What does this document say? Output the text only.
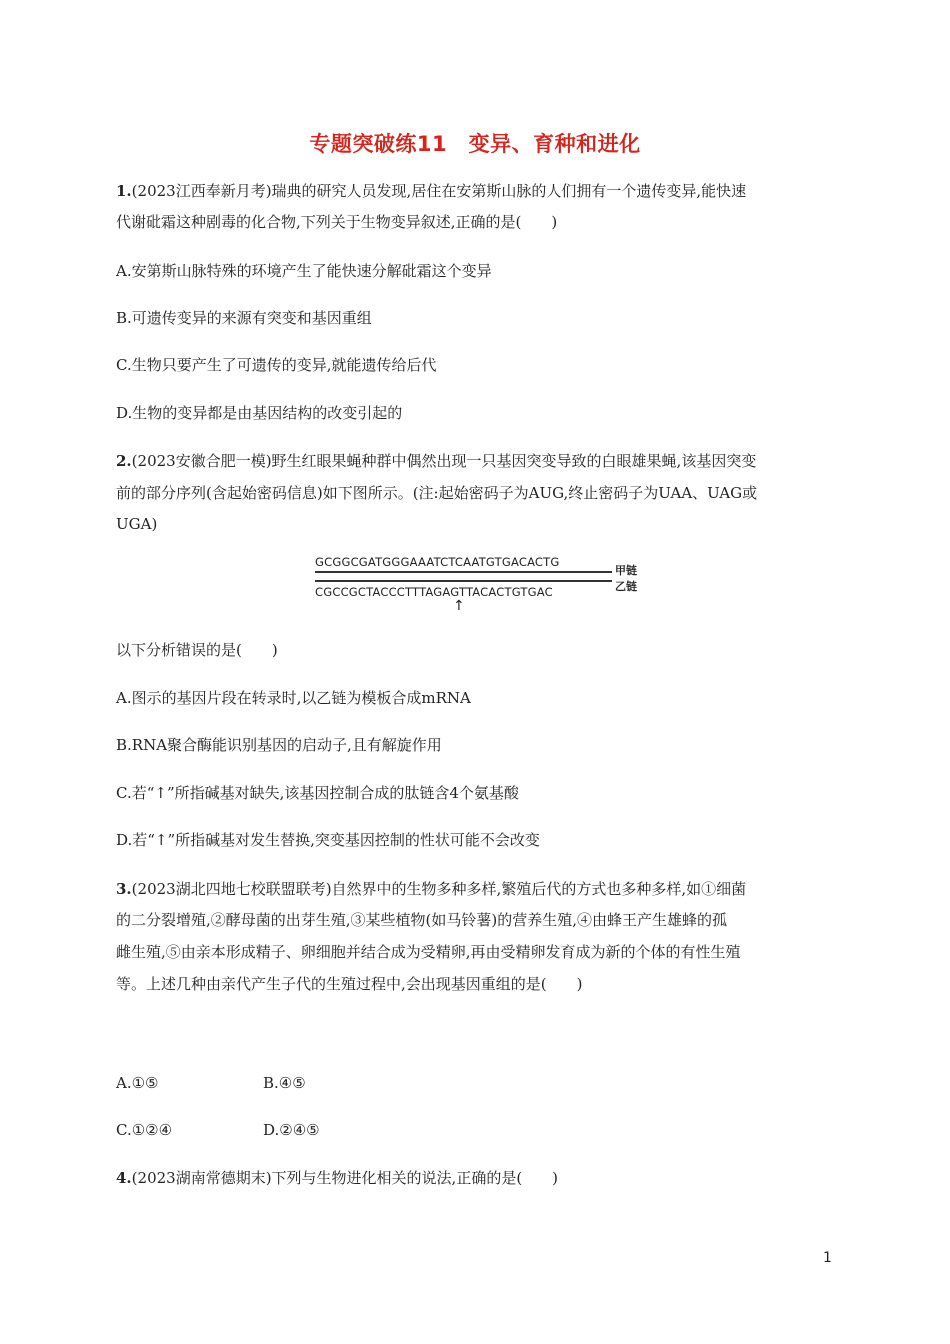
专题突破练11　变异、育种和进化
1.(2023江西奉新月考)瑞典的研究人员发现,居住在安第斯山脉的人们拥有一个遗传变异,能快速
代谢砒霜这种剧毒的化合物,下列关于生物变异叙述,正确的是(　　)
A.安第斯山脉特殊的环境产生了能快速分解砒霜这个变异
B.可遗传变异的来源有突变和基因重组
C.生物只要产生了可遗传的变异,就能遗传给后代
D.生物的变异都是由基因结构的改变引起的
2.(2023安徽合肥一模)野生红眼果蝇种群中偶然出现一只基因突变导致的白眼雄果蝇,该基因突变
前的部分序列(含起始密码信息)如下图所示。(注:起始密码子为AUG,终止密码子为UAA、UAG或
UGA)
GCGGCGATGGGAAATCTCAATGTGACACTG
CGCCGCTACCCTTTAGAGTTACACTGTGAC
甲链
乙链
↑
以下分析错误的是(　　)
A.图示的基因片段在转录时,以乙链为模板合成mRNA
B.RNA聚合酶能识别基因的启动子,且有解旋作用
C.若“↑”所指碱基对缺失,该基因控制合成的肽链含4个氨基酸
D.若“↑”所指碱基对发生替换,突变基因控制的性状可能不会改变
3.(2023湖北四地七校联盟联考)自然界中的生物多种多样,繁殖后代的方式也多种多样,如①细菌
的二分裂增殖,②酵母菌的出芽生殖,③某些植物(如马铃薯)的营养生殖,④由蜂王产生雄蜂的孤
雌生殖,⑤由亲本形成精子、卵细胞并结合成为受精卵,再由受精卵发育成为新的个体的有性生殖
等。上述几种由亲代产生子代的生殖过程中,会出现基因重组的是(　　)
A.①⑤	B.④⑤
C.①②④	D.②④⑤
4.(2023湖南常德期末)下列与生物进化相关的说法,正确的是(　　)
1
